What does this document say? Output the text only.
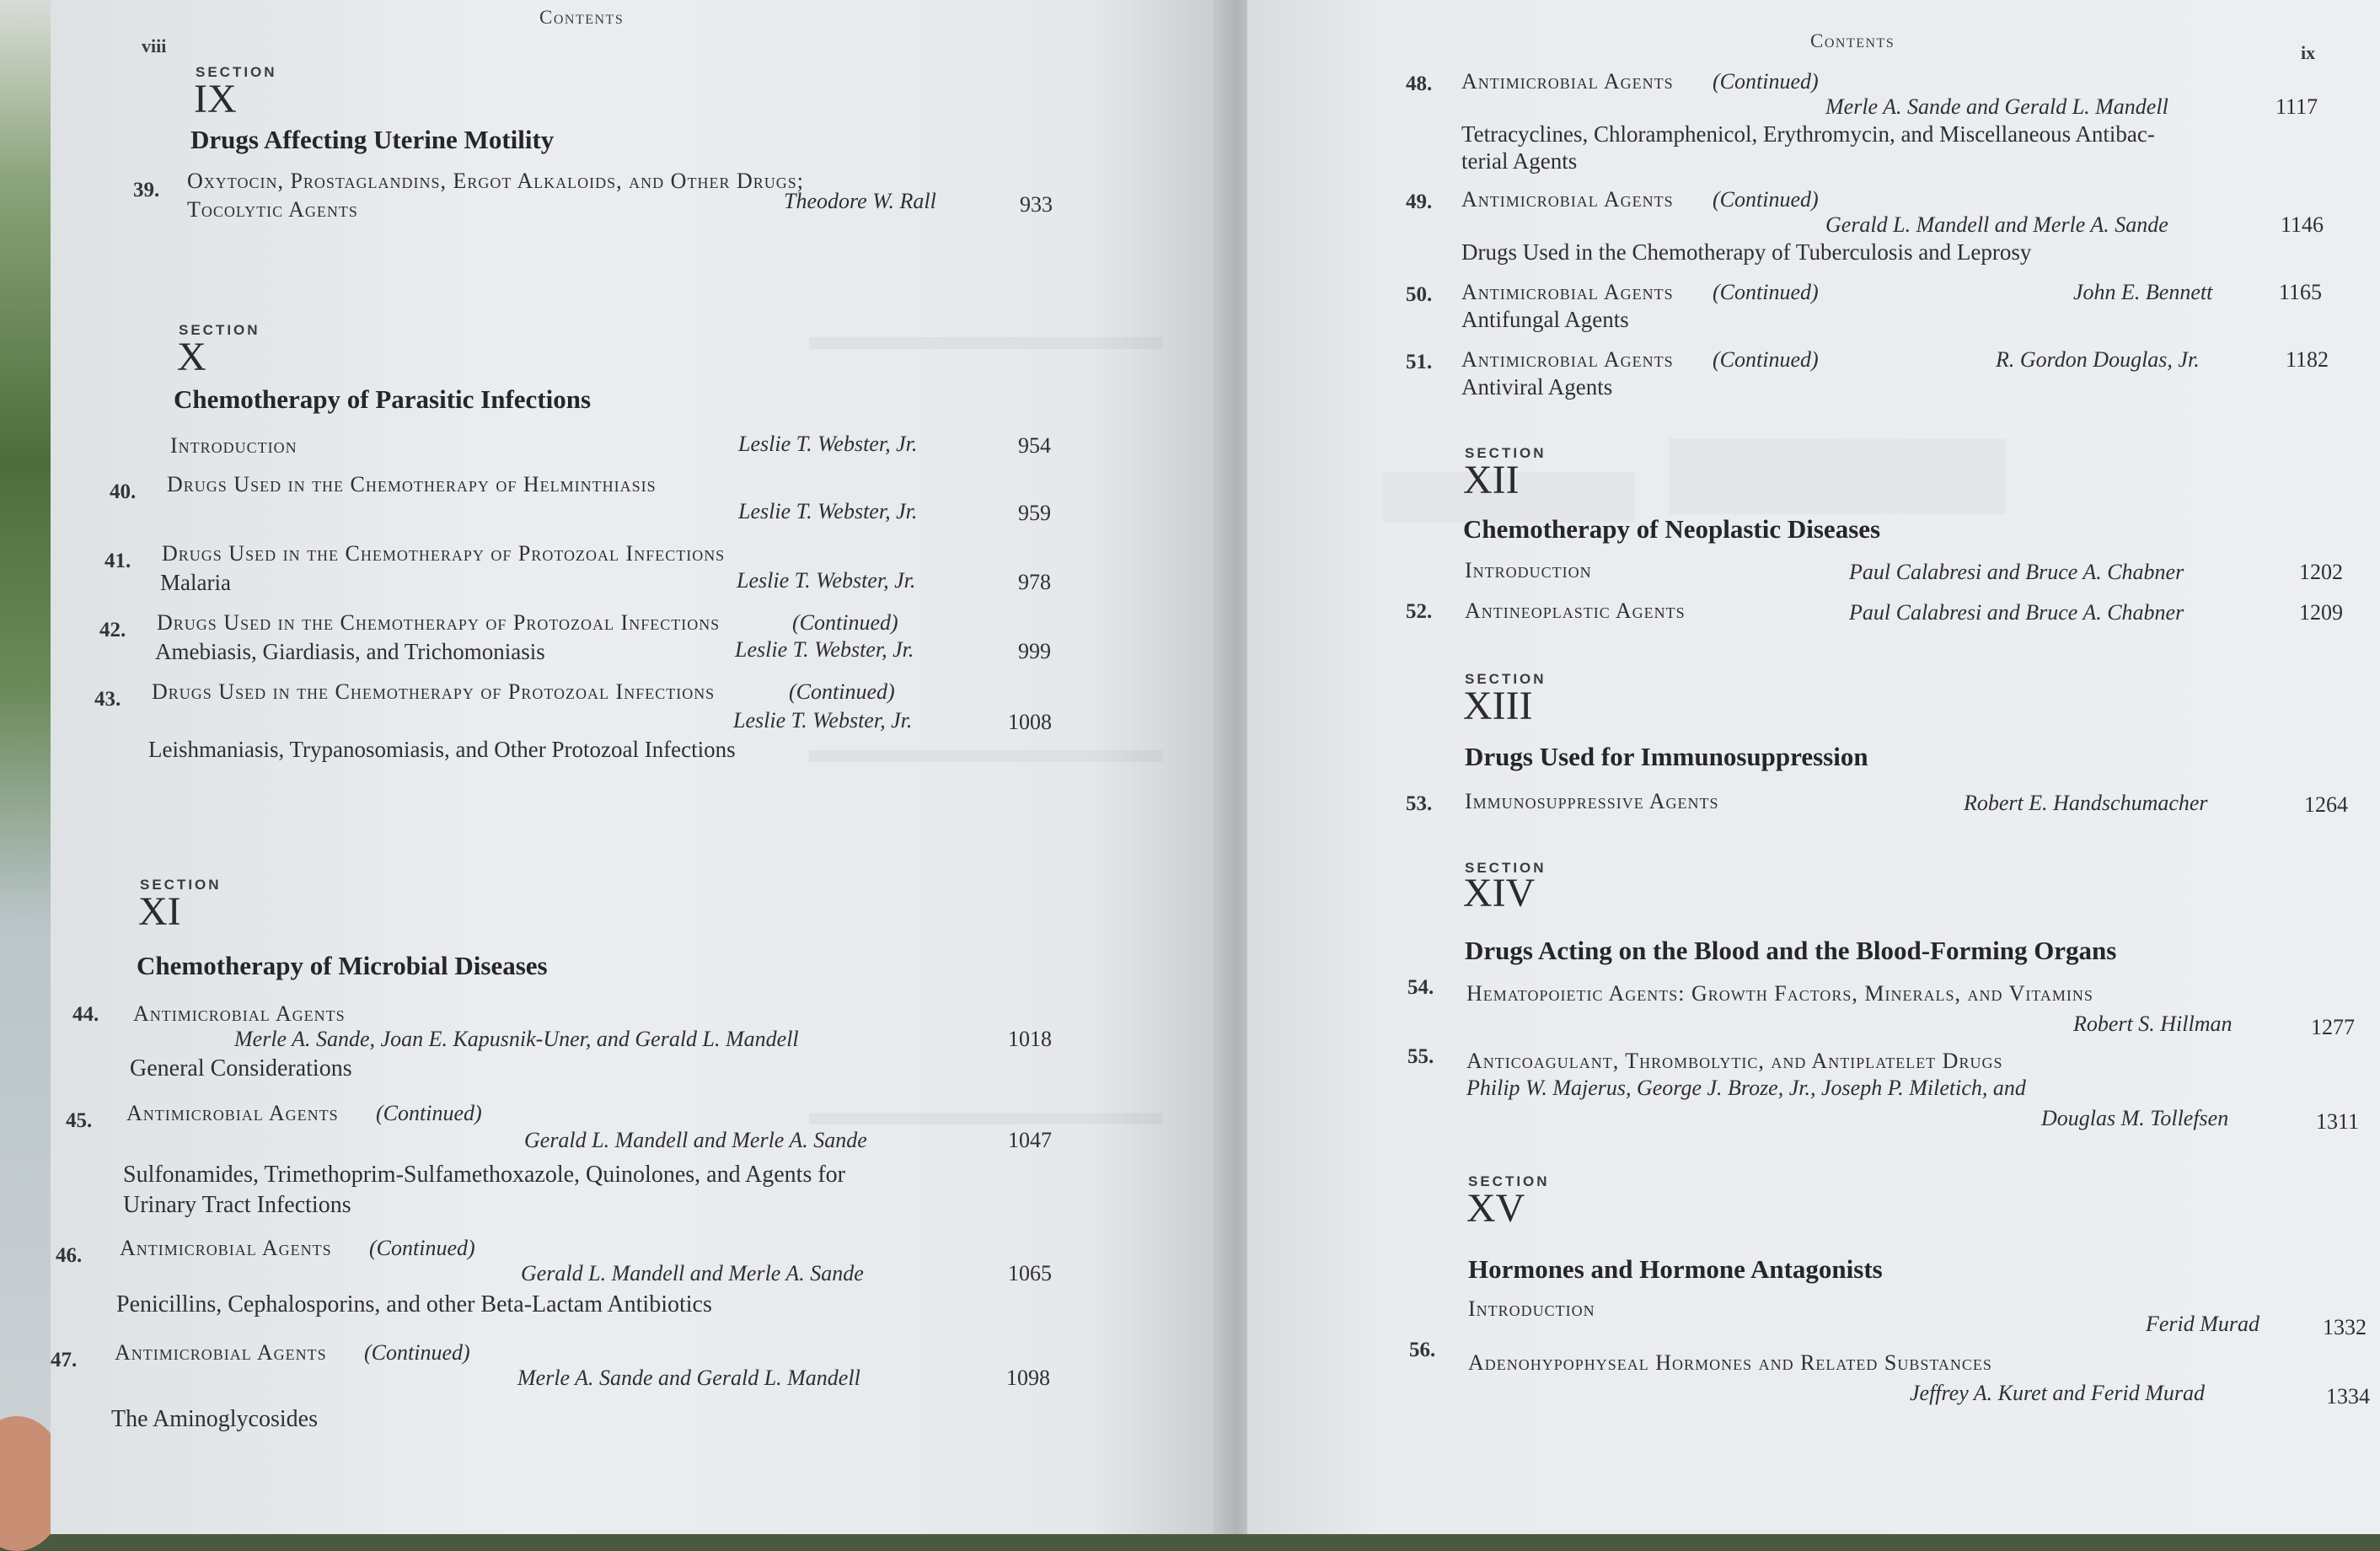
viii
Contents
SECTION
IX
Drugs Affecting Uterine Motility
39. Oxytocin, Prostaglandins, Ergot Alkaloids, and Other Drugs;
Tocolytic Agents	Theodore W. Rall	933
SECTION
X
Chemotherapy of Parasitic Infections
Introduction	Leslie T. Webster, Jr.	954
40. Drugs Used in the Chemotherapy of Helminthiasis
Leslie T. Webster, Jr.	959
41. Drugs Used in the Chemotherapy of Protozoal Infections
Malaria	Leslie T. Webster, Jr.	978
42. Drugs Used in the Chemotherapy of Protozoal Infections	(Continued)
Amebiasis, Giardiasis, and Trichomoniasis	Leslie T. Webster, Jr.	999
43. Drugs Used in the Chemotherapy of Protozoal Infections	(Continued)
Leslie T. Webster, Jr.	1008
Leishmaniasis, Trypanosomiasis, and Other Protozoal Infections
SECTION
XI
Chemotherapy of Microbial Diseases
44. Antimicrobial Agents
Merle A. Sande, Joan E. Kapusnik-Uner, and Gerald L. Mandell	1018
General Considerations
45. Antimicrobial Agents (Continued)
Gerald L. Mandell and Merle A. Sande	1047
Sulfonamides, Trimethoprim-Sulfamethoxazole, Quinolones, and Agents for
Urinary Tract Infections
46. Antimicrobial Agents (Continued)
Gerald L. Mandell and Merle A. Sande	1065
Penicillins, Cephalosporins, and other Beta-Lactam Antibiotics
47. Antimicrobial Agents (Continued)
Merle A. Sande and Gerald L. Mandell	1098
The Aminoglycosides
Contents
ix
48. Antimicrobial Agents (Continued)
Merle A. Sande and Gerald L. Mandell	1117
Tetracyclines, Chloramphenicol, Erythromycin, and Miscellaneous Antibac-
terial Agents
49. Antimicrobial Agents (Continued)
Gerald L. Mandell and Merle A. Sande	1146
Drugs Used in the Chemotherapy of Tuberculosis and Leprosy
50. Antimicrobial Agents (Continued)	John E. Bennett	1165
Antifungal Agents
51. Antimicrobial Agents (Continued)	R. Gordon Douglas, Jr.	1182
Antiviral Agents
SECTION
XII
Chemotherapy of Neoplastic Diseases
Introduction	Paul Calabresi and Bruce A. Chabner	1202
52. Antineoplastic Agents	Paul Calabresi and Bruce A. Chabner	1209
SECTION
XIII
Drugs Used for Immunosuppression
53. Immunosuppressive Agents	Robert E. Handschumacher	1264
SECTION
XIV
Drugs Acting on the Blood and the Blood-Forming Organs
54. Hematopoietic Agents: Growth Factors, Minerals, and Vitamins
Robert S. Hillman	1277
55. Anticoagulant, Thrombolytic, and Antiplatelet Drugs
Philip W. Majerus, George J. Broze, Jr., Joseph P. Miletich, and
Douglas M. Tollefsen	1311
SECTION
XV
Hormones and Hormone Antagonists
Introduction
Ferid Murad	1332
56.
Adenohypophyseal Hormones and Related Substances
Jeffrey A. Kuret and Ferid Murad	1334
